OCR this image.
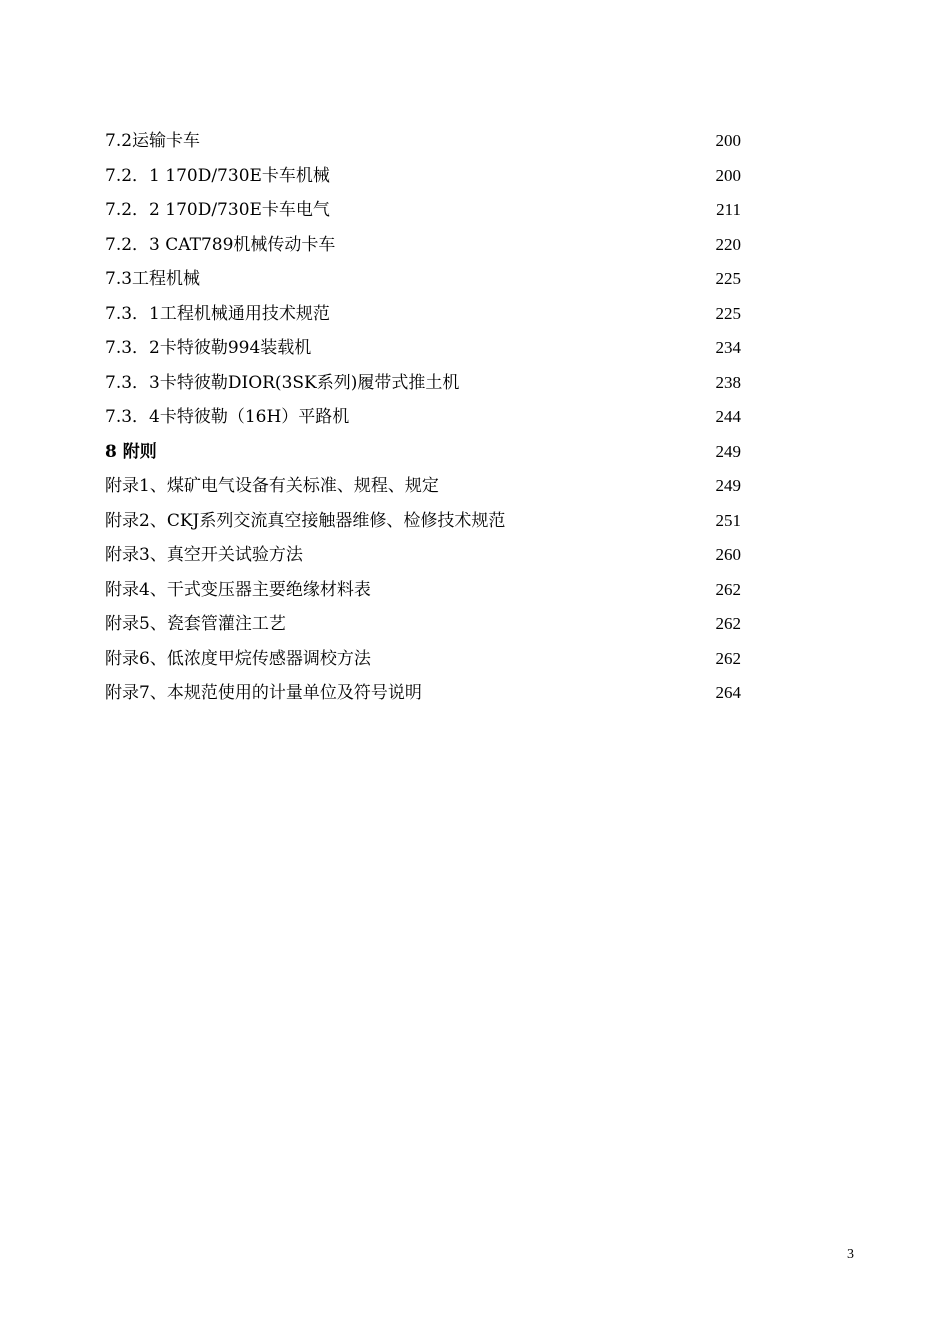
7.2运输卡车	200
7.2．1 170D/730E卡车机械	200
7.2．2 170D/730E卡车电气	211
7.2．3 CAT789机械传动卡车	220
7.3工程机械	225
7.3．1工程机械通用技术规范	225
7.3．2卡特彼勒994装载机	234
7.3．3卡特彼勒DIOR(3SK系列)履带式推土机	238
7.3．4卡特彼勒（16H）平路机	244
8 附则	249
附录1、煤矿电气设备有关标准、规程、规定	249
附录2、CKJ系列交流真空接触器维修、检修技术规范	251
附录3、真空开关试验方法	260
附录4、干式变压器主要绝缘材料表	262
附录5、瓷套管灌注工艺	262
附录6、低浓度甲烷传感器调校方法	262
附录7、本规范使用的计量单位及符号说明	264
3
